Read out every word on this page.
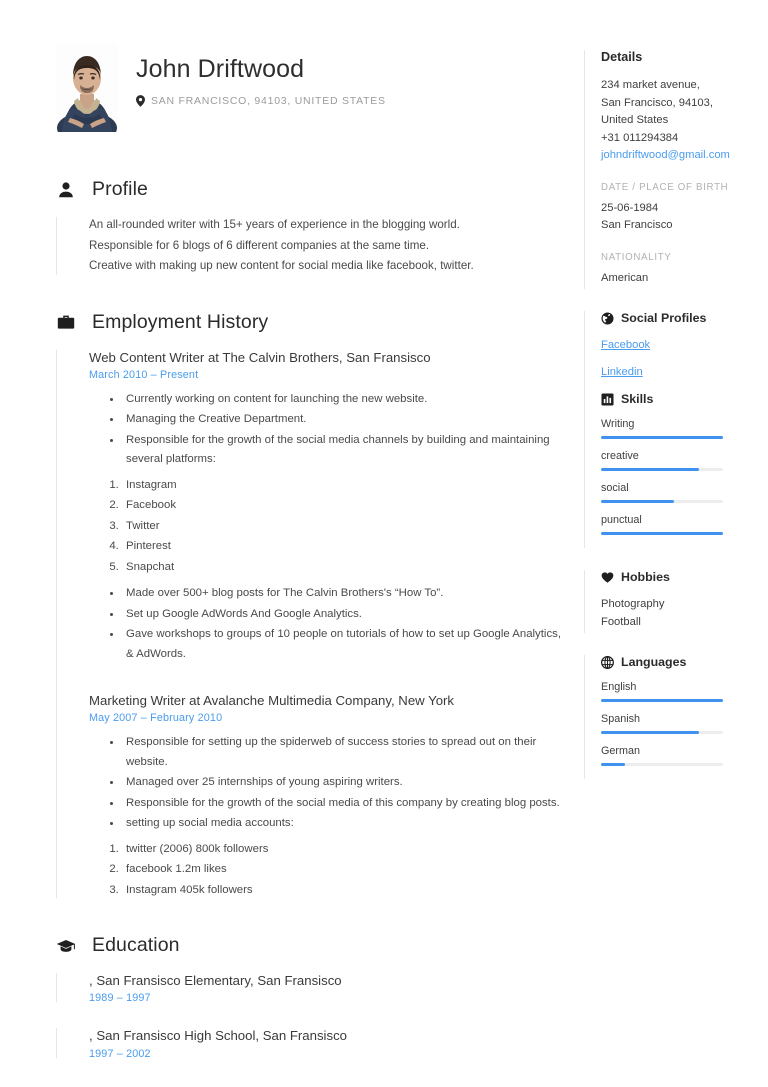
John Driftwood
SAN FRANCISCO, 94103, UNITED STATES
Profile
An all-rounded writer with 15+ years of experience in the blogging world.
Responsible for 6 blogs of 6 different companies at the same time.
Creative with making up new content for social media like facebook, twitter.
Employment History
Web Content Writer at The Calvin Brothers, San Fransisco
March 2010 – Present
• Currently working on content for launching the new website.
• Managing the Creative Department.
• Responsible for the growth of the social media channels by building and maintaining several platforms:
1. Instagram
2. Facebook
3. Twitter
4. Pinterest
5. Snapchat
• Made over 500+ blog posts for The Calvin Brothers's “How To”.
• Set up Google AdWords And Google Analytics.
• Gave workshops to groups of 10 people on tutorials of how to set up Google Analytics, & AdWords.
Marketing Writer at Avalanche Multimedia Company, New York
May 2007 – February 2010
• Responsible for setting up the spiderweb of success stories to spread out on their website.
• Managed over 25 internships of young aspiring writers.
• Responsible for the growth of the social media of this company by creating blog posts.
• setting up social media accounts:
1. twitter (2006) 800k followers
2. facebook 1.2m likes
3. Instagram 405k followers
Education
, San Fransisco Elementary, San Fransisco
1989 – 1997
, San Fransisco High School, San Fransisco
1997 – 2002
Details
234 market avenue,
San Francisco, 94103,
United States
+31 011294384
johndriftwood@gmail.com
DATE / PLACE OF BIRTH
25-06-1984
San Francisco
NATIONALITY
American
Social Profiles
Facebook
Linkedin
Skills
Writing
creative
social
punctual
Hobbies
Photography
Football
Languages
English
Spanish
German
